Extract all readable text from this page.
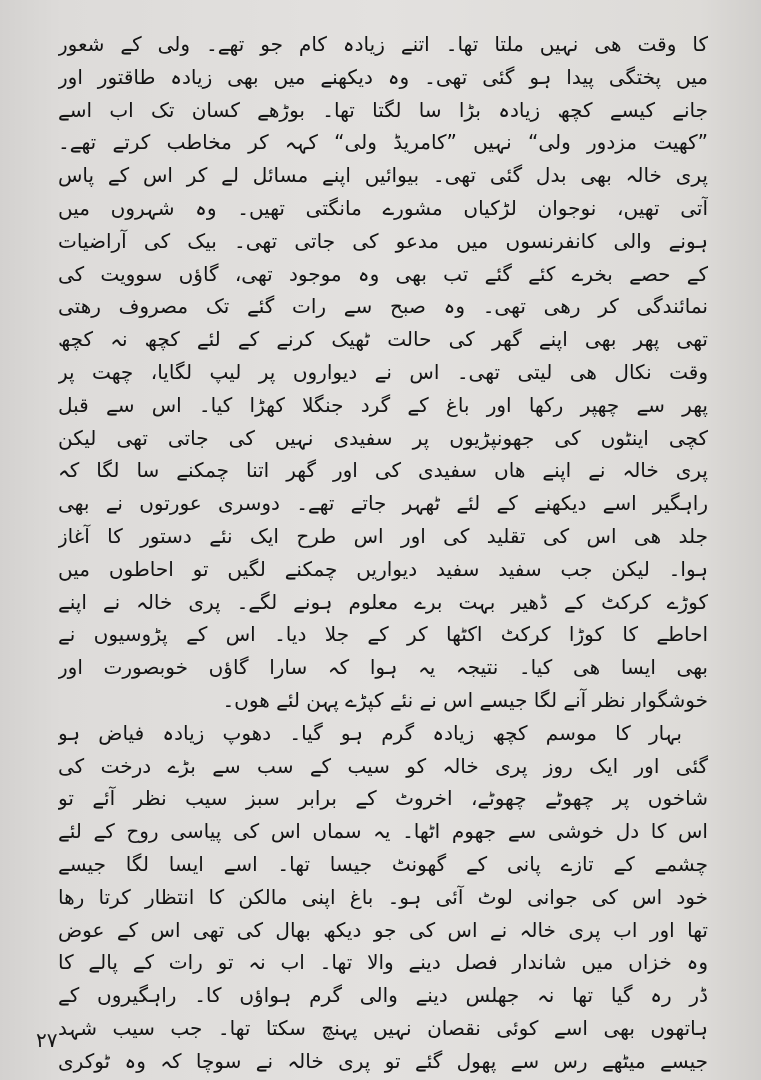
کا وقت ھی نہیں ملتا تھا۔ اتنے زیادہ کام جو تھے۔ ولی کے شعور
میں پختگی پیدا ہو گئی تھی۔ وہ دیکھنے میں بھی زیادہ طاقتور اور
جانے کیسے کچھ زیادہ بڑا سا لگتا تھا۔ بوڑھے کسان تک اب اسے
”کھیت مزدور ولی“ نہیں ”کامریڈ ولی“ کہہ کر مخاطب کرتے تھے۔
پری خالہ بھی بدل گئی تھی۔ بیوائیں اپنے مسائل لے کر اس کے پاس
آتی تھیں، نوجوان لڑکیاں مشورے مانگتی تھیں۔ وہ شہروں میں
ہونے والی کانفرنسوں میں مدعو کی جاتی تھی۔ بیک کی آراضیات
کے حصے بخرے کئے گئے تب بھی وہ موجود تھی، گاؤں سوویت کی
نمائندگی کر رھی تھی۔ وہ صبح سے رات گئے تک مصروف رھتی
تھی پھر بھی اپنے گھر کی حالت ٹھیک کرنے کے لئے کچھ نہ کچھ
وقت نکال ھی لیتی تھی۔ اس نے دیواروں پر لیپ لگایا، چھت پر
پھر سے چھپر رکھا اور باغ کے گرد جنگلا کھڑا کیا۔ اس سے قبل
کچی اینٹوں کی جھونپڑیوں پر سفیدی نہیں کی جاتی تھی لیکن
پری خالہ نے اپنے ھاں سفیدی کی اور گھر اتنا چمکنے سا لگا کہ
راہگیر اسے دیکھنے کے لئے ٹھہر جاتے تھے۔ دوسری عورتوں نے بھی
جلد ھی اس کی تقلید کی اور اس طرح ایک نئے دستور کا آغاز
ہوا۔ لیکن جب سفید سفید دیواریں چمکنے لگیں تو احاطوں میں
کوڑے کرکٹ کے ڈھیر بہت برے معلوم ہونے لگے۔ پری خالہ نے اپنے
احاطے کا کوڑا کرکٹ اکٹھا کر کے جلا دیا۔ اس کے پڑوسیوں نے
بھی ایسا ھی کیا۔ نتیجہ یہ ہوا کہ سارا گاؤں خوبصورت اور
خوشگوار نظر آنے لگا جیسے اس نے نئے کپڑے پہن لئے ھوں۔
بہار کا موسم کچھ زیادہ گرم ہو گیا۔ دھوپ زیادہ فیاض ہو
گئی اور ایک روز پری خالہ کو سیب کے سب سے بڑے درخت کی
شاخوں پر چھوٹے چھوٹے، اخروٹ کے برابر سبز سیب نظر آئے تو
اس کا دل خوشی سے جھوم اٹھا۔ یہ سماں اس کی پیاسی روح کے لئے
چشمے کے تازے پانی کے گھونٹ جیسا تھا۔ اسے ایسا لگا جیسے
خود اس کی جوانی لوٹ آئی ہو۔ باغ اپنی مالکن کا انتظار کرتا رھا
تھا اور اب پری خالہ نے اس کی جو دیکھ بھال کی تھی اس کے عوض
وہ خزاں میں شاندار فصل دینے والا تھا۔ اب نہ تو رات کے پالے کا
ڈر رہ گیا تھا نہ جھلس دینے والی گرم ہواؤں کا۔ راہگیروں کے
ہاتھوں بھی اسے کوئی نقصان نہیں پہنچ سکتا تھا۔ جب سیب شہد
جیسے میٹھے رس سے پھول گئے تو پری خالہ نے سوچا کہ وہ ٹوکری
۲۷
